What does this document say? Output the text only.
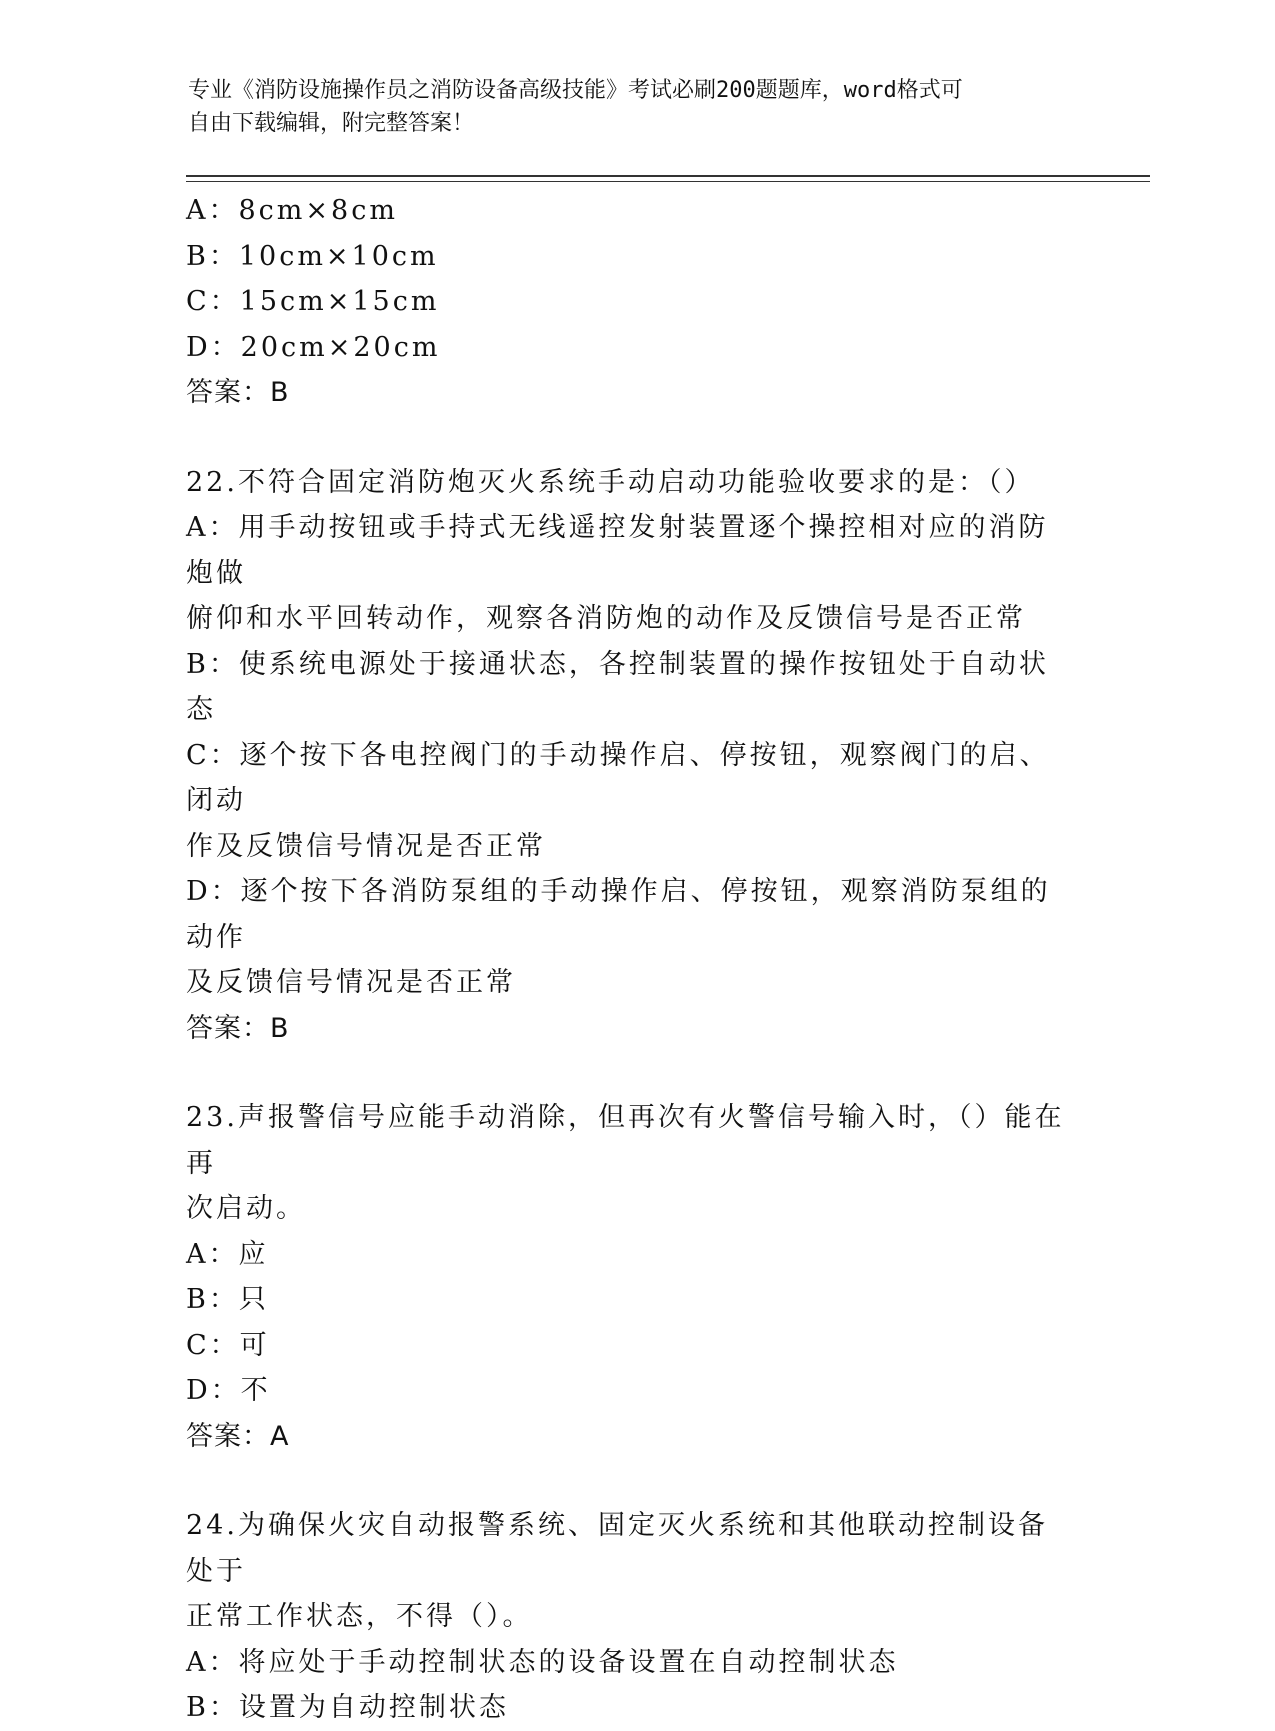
专业《消防设施操作员之消防设备高级技能》考试必刷200题题库，word格式可

自由下载编辑，附完整答案！

A：8cm×8cm

B：10cm×10cm

C：15cm×15cm

D：20cm×20cm

答案：B

22.不符合固定消防炮灭火系统手动启动功能验收要求的是：（）

A：用手动按钮或手持式无线遥控发射装置逐个操控相对应的消防炮做

俯仰和水平回转动作，观察各消防炮的动作及反馈信号是否正常

B：使系统电源处于接通状态，各控制装置的操作按钮处于自动状态

C：逐个按下各电控阀门的手动操作启、停按钮，观察阀门的启、闭动

作及反馈信号情况是否正常

D：逐个按下各消防泵组的手动操作启、停按钮，观察消防泵组的动作

及反馈信号情况是否正常

答案：B

23.声报警信号应能手动消除，但再次有火警信号输入时，（）能在再

次启动。

A：应

B：只

C：可

D：不

答案：A

24.为确保火灾自动报警系统、固定灭火系统和其他联动控制设备处于

正常工作状态，不得（）。

A：将应处于手动控制状态的设备设置在自动控制状态

B：设置为自动控制状态
